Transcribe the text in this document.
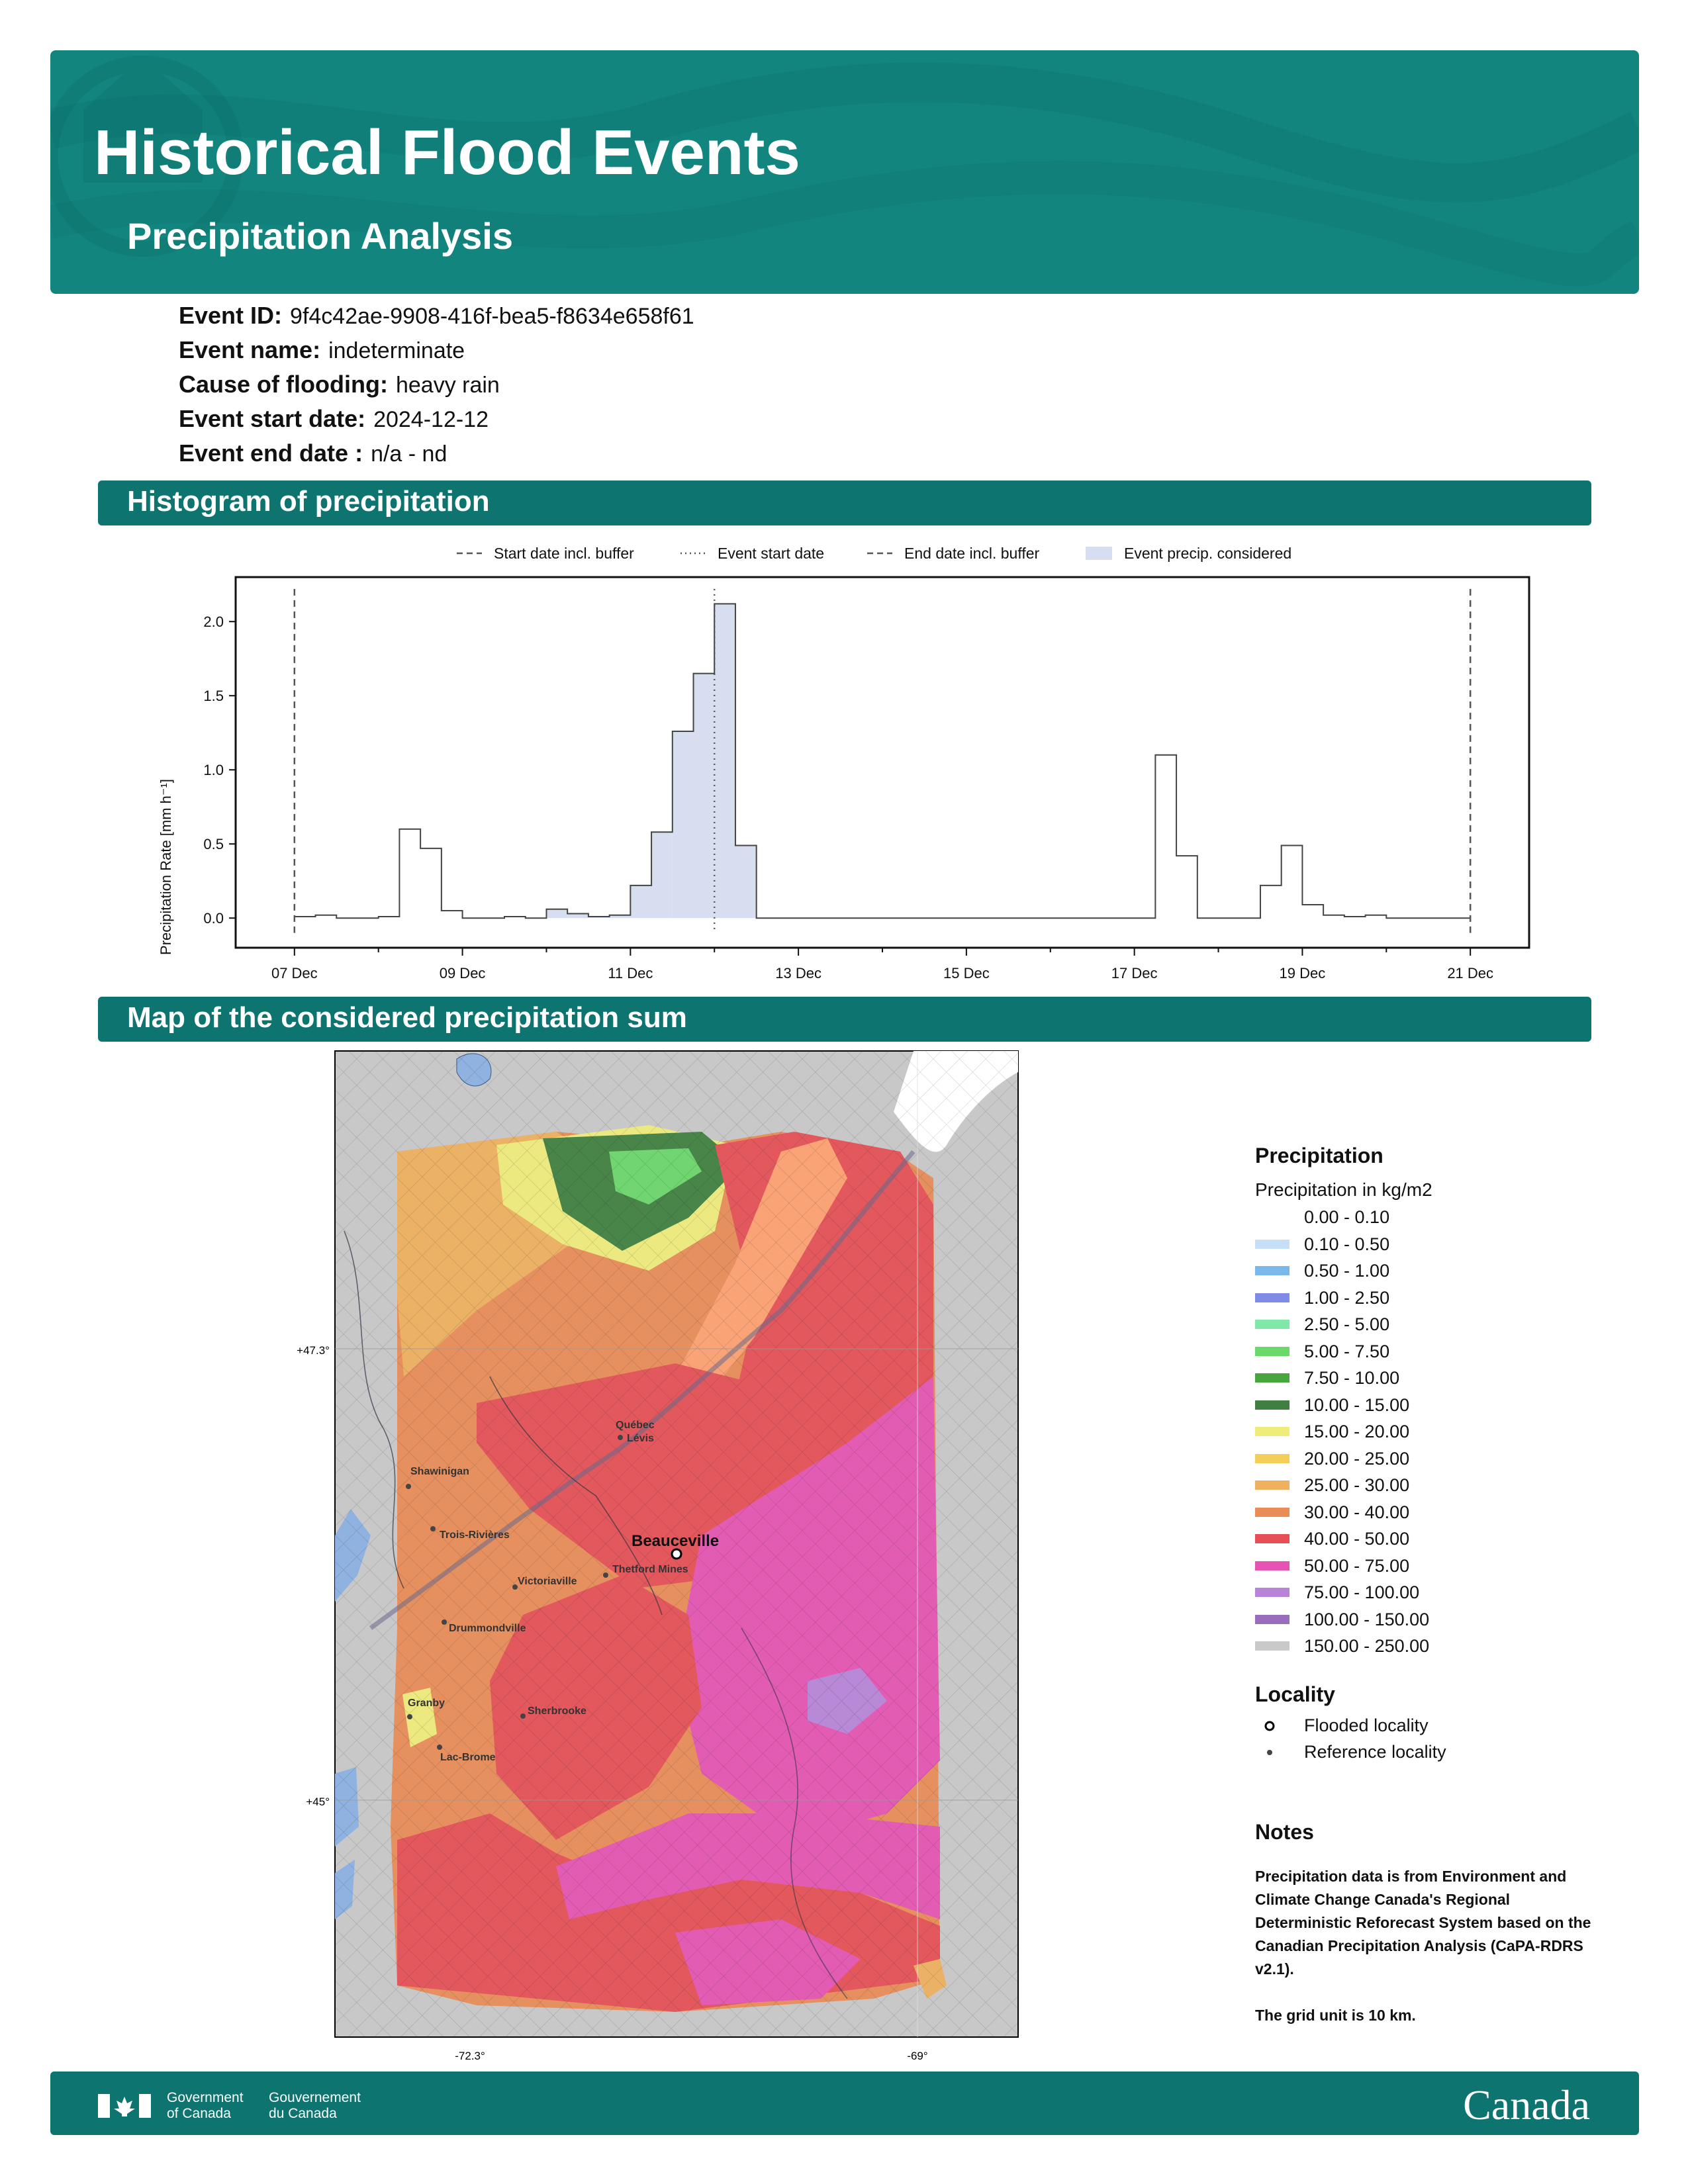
Historical Flood Events
Precipitation Analysis
Event ID: 9f4c42ae-9908-416f-bea5-f8634e658f61
Event name: indeterminate
Cause of flooding: heavy rain
Event start date: 2024-12-12
Event end date : n/a - nd
Histogram of precipitation
Start date incl. buffer	Event start date	End date incl. buffer	Event precip. considered
Precipitation Rate [mm h⁻¹] 0.0
0.5
1.0
1.5
2.0
07 Dec	09 Dec	11 Dec	13 Dec	15 Dec	17 Dec	19 Dec	21 Dec
Map of the considered precipitation sum
+47.3°
+45°
-72.3°	-69°
Québec
Lévis
Shawinigan
Trois-Rivières
Thetford Mines
Victoriaville
Drummondville
Granby
Sherbrooke
Lac-Brome
Beauceville
Precipitation
Precipitation in kg/m2
0.00 - 0.10
0.10 - 0.50
0.50 - 1.00
1.00 - 2.50
2.50 - 5.00
5.00 - 7.50
7.50 - 10.00
10.00 - 15.00
15.00 - 20.00
20.00 - 25.00
25.00 - 30.00
30.00 - 40.00
40.00 - 50.00
50.00 - 75.00
75.00 - 100.00
100.00 - 150.00
150.00 - 250.00
Locality
Flooded locality
Reference locality
Notes
Precipitation data is from Environment and Climate Change Canada's Regional Deterministic Reforecast System based on the Canadian Precipitation Analysis (CaPA-RDRS v2.1).
The grid unit is 10 km.
Government
of Canada
Gouvernement
du Canada	Canada
